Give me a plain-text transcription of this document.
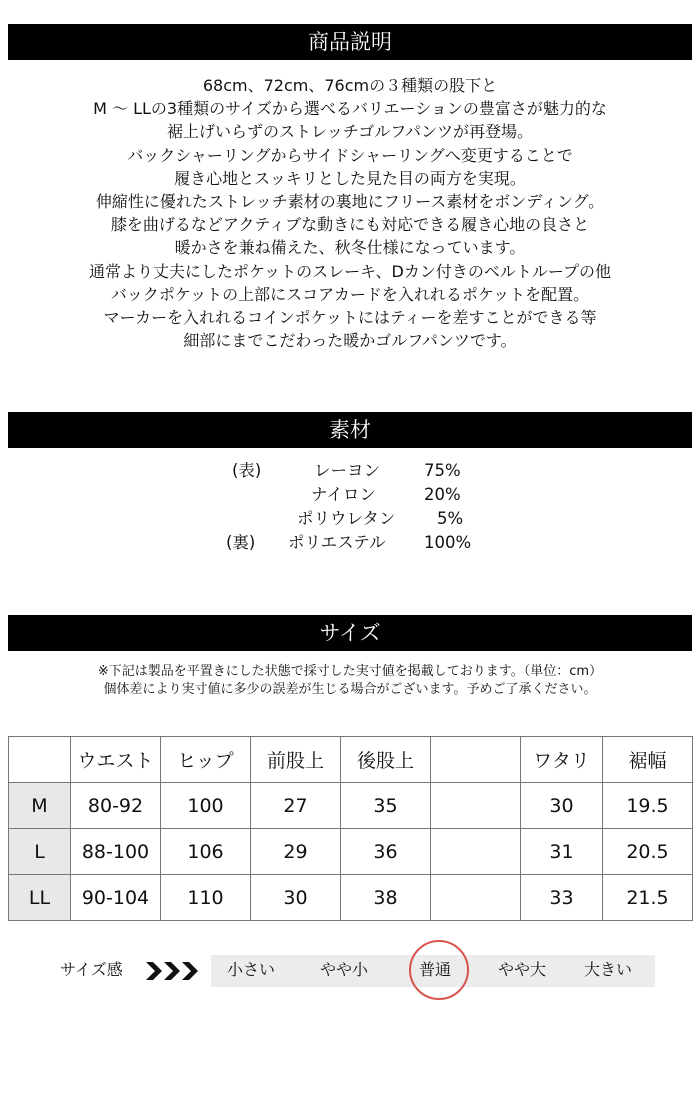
商品説明
68cm、72cm、76cmの３種類の股下と
M ～ LLの3種類のサイズから選べるバリエーションの豊富さが魅力的な
裾上げいらずのストレッチゴルフパンツが再登場。
バックシャーリングからサイドシャーリングへ変更することで
履き心地とスッキリとした見た目の両方を実現。
伸縮性に優れたストレッチ素材の裏地にフリース素材をボンディング。
膝を曲げるなどアクティブな動きにも対応できる履き心地の良さと
暖かさを兼ね備えた、秋冬仕様になっています。
通常より丈夫にしたポケットのスレーキ、Dカン付きのベルトループの他
バックポケットの上部にスコアカードを入れれるポケットを配置。
マーカーを入れれるコインポケットにはティーを差すことができる等
細部にまでこだわった暖かゴルフパンツです。
素材
(表)	レーヨン	75%
ナイロン	20%
ポリウレタン	5%
(裏) ポリエステル 100%
サイズ
※下記は製品を平置きにした状態で採寸した実寸値を掲載しております。（単位：cm）
個体差により実寸値に多少の誤差が生じる場合がございます。予めご了承ください。
	ウエスト	ヒップ	前股上	後股上		ワタリ	裾幅
M	80-92	100	27	35		30	19.5
L	88-100	106	29	36		31	20.5
LL	90-104	110	30	38		33	21.5
サイズ感	小さい	やや小	普通	やや大 大きい
